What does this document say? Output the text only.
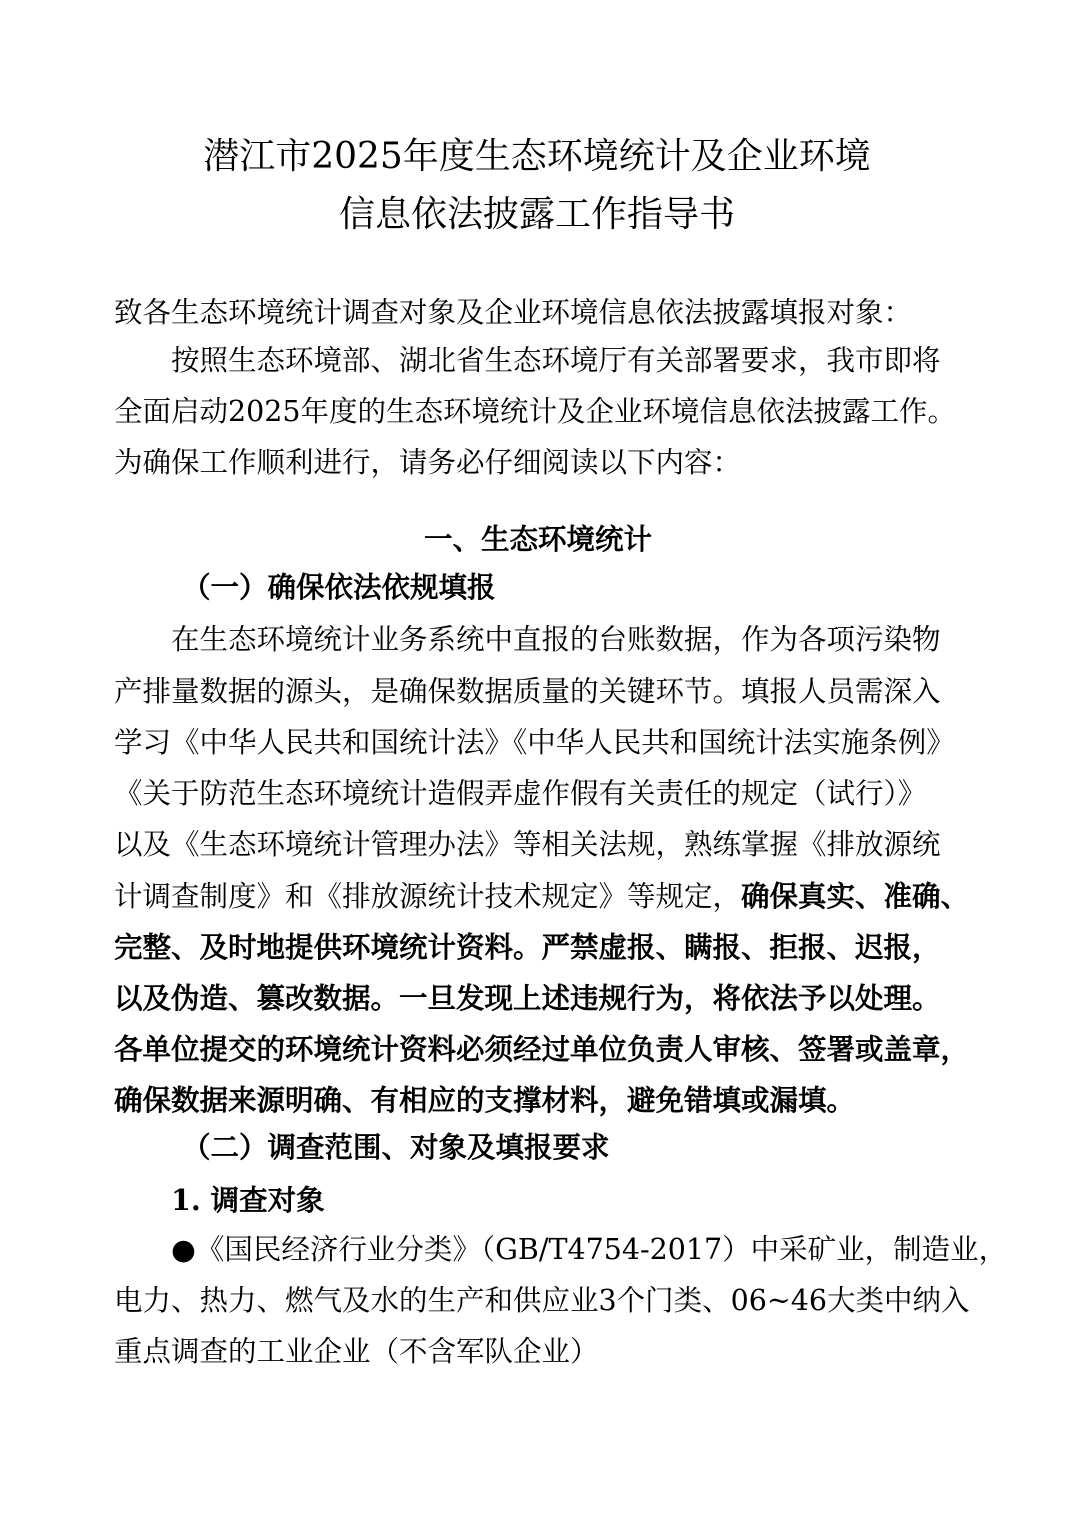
潜江市2025年度生态环境统计及企业环境
信息依法披露工作指导书

致各生态环境统计调查对象及企业环境信息依法披露填报对象：

按照生态环境部、湖北省生态环境厅有关部署要求，我市即将

全面启动2025年度的生态环境统计及企业环境信息依法披露工作。

为确保工作顺利进行，请务必仔细阅读以下内容：

一、生态环境统计

（一）确保依法依规填报

在生态环境统计业务系统中直报的台账数据，作为各项污染物

产排量数据的源头，是确保数据质量的关键环节。填报人员需深入

学习《中华人民共和国统计法》《中华人民共和国统计法实施条例》

《关于防范生态环境统计造假弄虚作假有关责任的规定（试行）》

以及《生态环境统计管理办法》等相关法规，熟练掌握《排放源统

计调查制度》和《排放源统计技术规定》等规定，确保真实、准确、

完整、及时地提供环境统计资料。严禁虚报、瞒报、拒报、迟报，

以及伪造、篡改数据。一旦发现上述违规行为，将依法予以处理。

各单位提交的环境统计资料必须经过单位负责人审核、签署或盖章，

确保数据来源明确、有相应的支撑材料，避免错填或漏填。

（二）调查范围、对象及填报要求

1. 调查对象

●《国民经济行业分类》（GB/T4754-2017）中采矿业，制造业，

电力、热力、燃气及水的生产和供应业3个门类、06~46大类中纳入

重点调查的工业企业（不含军队企业）
